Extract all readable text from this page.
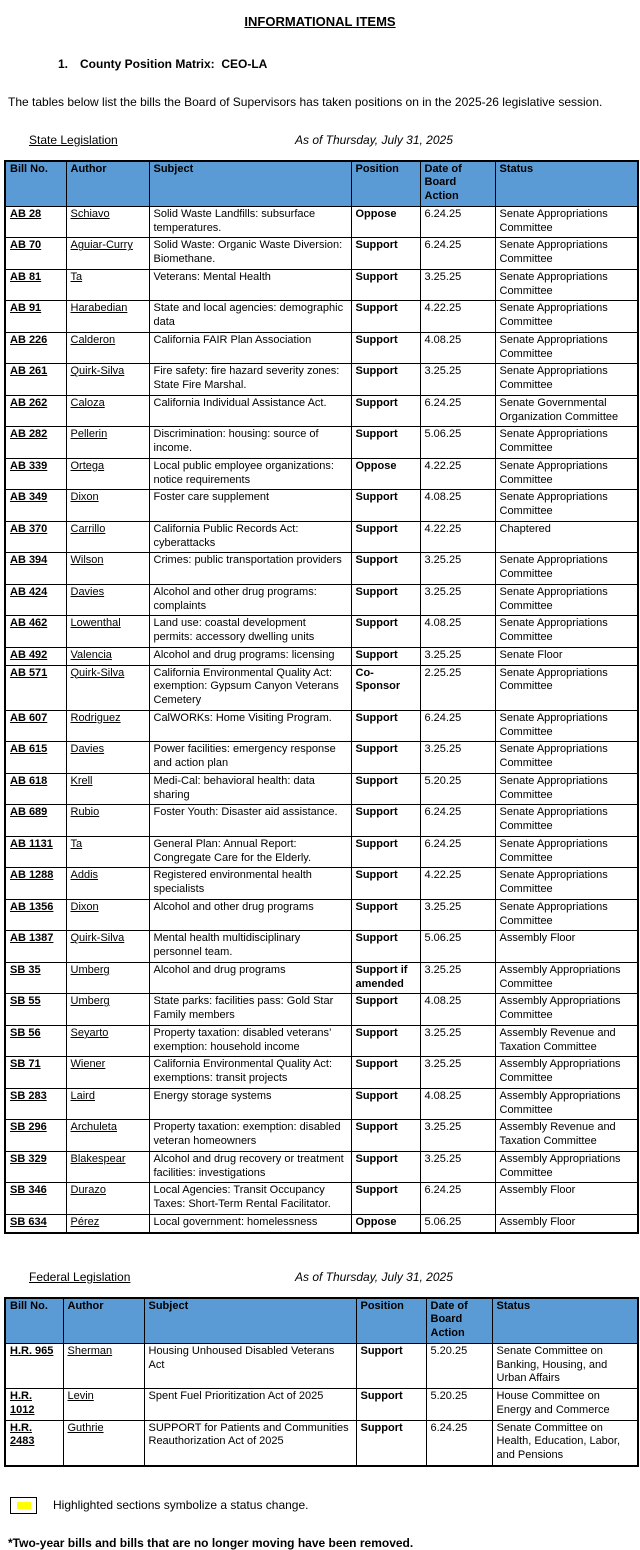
INFORMATIONAL ITEMS
1. County Position Matrix:  CEO-LA

The tables below list the bills the Board of Supervisors has taken positions on in the 2025-26 legislative session.

State Legislation	As of Thursday, July 31, 2025
Bill No.	Author	Subject	Position	Date of Board Action	Status
AB 28	Schiavo	Solid Waste Landfills: subsurface temperatures.	Oppose	6.24.25	Senate Appropriations Committee
AB 70	Aguiar-Curry	Solid Waste: Organic Waste Diversion: Biomethane.	Support	6.24.25	Senate Appropriations Committee
AB 81	Ta	Veterans: Mental Health	Support	3.25.25	Senate Appropriations Committee
AB 91	Harabedian	State and local agencies: demographic data	Support	4.22.25	Senate Appropriations Committee
AB 226	Calderon	California FAIR Plan Association	Support	4.08.25	Senate Appropriations Committee
AB 261	Quirk-Silva	Fire safety: fire hazard severity zones: State Fire Marshal.	Support	3.25.25	Senate Appropriations Committee
AB 262	Caloza	California Individual Assistance Act.	Support	6.24.25	Senate Governmental Organization Committee
AB 282	Pellerin	Discrimination: housing: source of income.	Support	5.06.25	Senate Appropriations Committee
AB 339	Ortega	Local public employee organizations: notice requirements	Oppose	4.22.25	Senate Appropriations Committee
AB 349	Dixon	Foster care supplement	Support	4.08.25	Senate Appropriations Committee
AB 370	Carrillo	California Public Records Act: cyberattacks	Support	4.22.25	Chaptered
AB 394	Wilson	Crimes: public transportation providers	Support	3.25.25	Senate Appropriations Committee
AB 424	Davies	Alcohol and other drug programs: complaints	Support	3.25.25	Senate Appropriations Committee
AB 462	Lowenthal	Land use: coastal development permits: accessory dwelling units	Support	4.08.25	Senate Appropriations Committee
AB 492	Valencia	Alcohol and drug programs: licensing	Support	3.25.25	Senate Floor
AB 571	Quirk-Silva	California Environmental Quality Act: exemption: Gypsum Canyon Veterans Cemetery	Co-Sponsor	2.25.25	Senate Appropriations Committee
AB 607	Rodriguez	CalWORKs: Home Visiting Program.	Support	6.24.25	Senate Appropriations Committee
AB 615	Davies	Power facilities: emergency response and action plan	Support	3.25.25	Senate Appropriations Committee
AB 618	Krell	Medi-Cal: behavioral health: data sharing	Support	5.20.25	Senate Appropriations Committee
AB 689	Rubio	Foster Youth: Disaster aid assistance.	Support	6.24.25	Senate Appropriations Committee
AB 1131	Ta	General Plan: Annual Report: Congregate Care for the Elderly.	Support	6.24.25	Senate Appropriations Committee
AB 1288	Addis	Registered environmental health specialists	Support	4.22.25	Senate Appropriations Committee
AB 1356	Dixon	Alcohol and other drug programs	Support	3.25.25	Senate Appropriations Committee
AB 1387	Quirk-Silva	Mental health multidisciplinary personnel team.	Support	5.06.25	Assembly Floor
SB 35	Umberg	Alcohol and drug programs	Support if amended	3.25.25	Assembly Appropriations Committee
SB 55	Umberg	State parks: facilities pass: Gold Star Family members	Support	4.08.25	Assembly Appropriations Committee
SB 56	Seyarto	Property taxation: disabled veterans’ exemption: household income	Support	3.25.25	Assembly Revenue and Taxation Committee
SB 71	Wiener	California Environmental Quality Act: exemptions: transit projects	Support	3.25.25	Assembly Appropriations Committee
SB 283	Laird	Energy storage systems	Support	4.08.25	Assembly Appropriations Committee
SB 296	Archuleta	Property taxation: exemption: disabled veteran homeowners	Support	3.25.25	Assembly Revenue and Taxation Committee
SB 329	Blakespear	Alcohol and drug recovery or treatment facilities: investigations	Support	3.25.25	Assembly Appropriations Committee
SB 346	Durazo	Local Agencies: Transit Occupancy Taxes: Short-Term Rental Facilitator.	Support	6.24.25	Assembly Floor
SB 634	Pérez	Local government: homelessness	Oppose	5.06.25	Assembly Floor
Federal Legislation	As of Thursday, July 31, 2025
Bill No.	Author	Subject	Position	Date of Board Action	Status
H.R. 965	Sherman	Housing Unhoused Disabled Veterans Act	Support	5.20.25	Senate Committee on Banking, Housing, and Urban Affairs
H.R. 1012	Levin	Spent Fuel Prioritization Act of 2025	Support	5.20.25	House Committee on Energy and Commerce
H.R. 2483	Guthrie	SUPPORT for Patients and Communities Reauthorization Act of 2025	Support	6.24.25	Senate Committee on Health, Education, Labor, and Pensions
Highlighted sections symbolize a status change.

*Two-year bills and bills that are no longer moving have been removed.
